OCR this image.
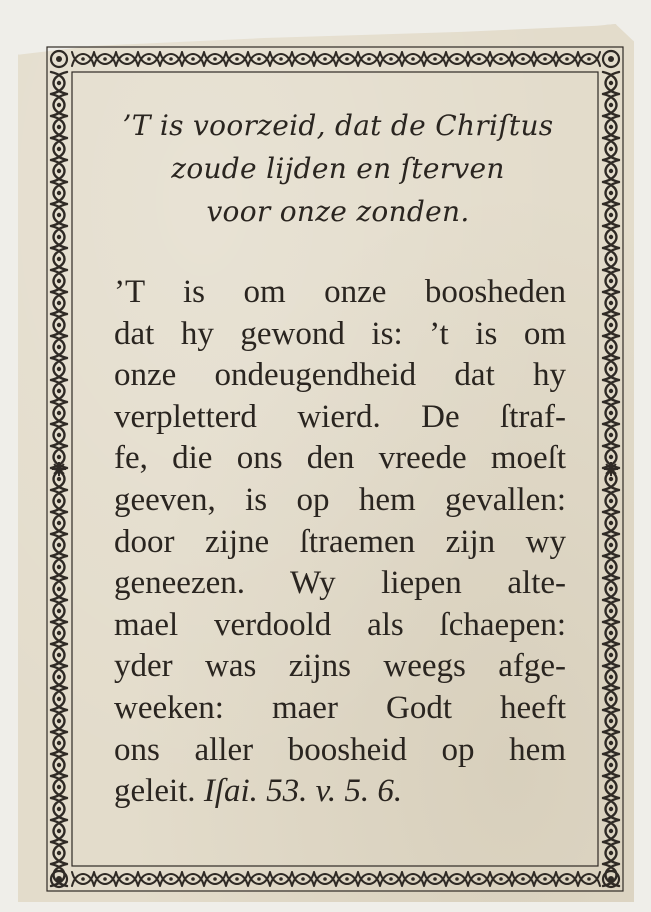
’T is voorzeid, dat de Chriſtus
zoude lijden en ſterven
voor onze zonden.

’T is om onze boosheden
dat hy gewond is: ’t is om
onze ondeugendheid dat hy
verpletterd wierd. De ſtraf-
fe, die ons den vreede moeſt
geeven, is op hem gevallen:
door zijne ſtraemen zijn wy
geneezen. Wy liepen alte-
mael verdoold als ſchaepen:
yder was zijns weegs afge-
weeken: maer Godt heeft
ons aller boosheid op hem
geleit. Iſai. 53. v. 5. 6.
